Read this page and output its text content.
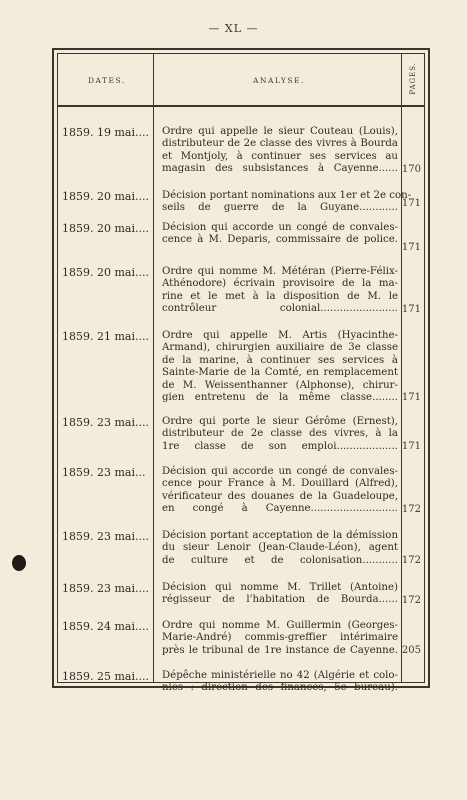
— XL —
DATES.	ANALYSE.	PAGES.
1859. 19 mai.... Ordre qui appelle le sieur Couteau (Louis),
distributeur de 2e classe des vivres à Bourda
et Montjoly, à continuer ses services au
magasin des subsistances à Cayenne...... 170
1859. 20 mai.... Décision portant nominations aux 1er et 2e con-
seils de guerre de la Guyane............ 171
1859. 20 mai.... Décision qui accorde un congé de convales-
cence à M. Deparis, commissaire de police.
171
1859. 20 mai.... Ordre qui nomme M. Météran (Pierre-Félix-
Athénodore) écrivain provisoire de la ma-
rine et le met à la disposition de M. le
contrôleur colonial........................ 171
1859. 21 mai.... Ordre qui appelle M. Artis (Hyacinthe-
Armand), chirurgien auxiliaire de 3e classe
de la marine, à continuer ses services à
Sainte-Marie de la Comté, en remplacement
de M. Weissenthanner (Alphonse), chirur-
gien entretenu de la même classe........ 171
1859. 23 mai.... Ordre qui porte le sieur Gérôme (Ernest),
distributeur de 2e classe des vivres, à la
1re classe de son emploi................... 171
1859. 23 mai... Décision qui accorde un congé de convales-
cence pour France à M. Douillard (Alfred),
vérificateur des douanes de la Guadeloupe,
en congé à Cayenne........................... 172
1859. 23 mai.... Décision portant acceptation de la démission
du sieur Lenoir (Jean-Claude-Léon), agent
de culture et de colonisation........... 172
1859. 23 mai.... Décision qui nomme M. Trillet (Antoine)
régisseur de l'habitation de Bourda...... 172
1859. 24 mai.... Ordre qui nomme M. Guillermin (Georges-
Marie-André) commis-greffier intérimaire
près le tribunal de 1re instance de Cayenne. 205
1859. 25 mai.... Dépêche ministérielle no 42 (Algérie et colo-
nies : direction des finances, 5e bureau).
